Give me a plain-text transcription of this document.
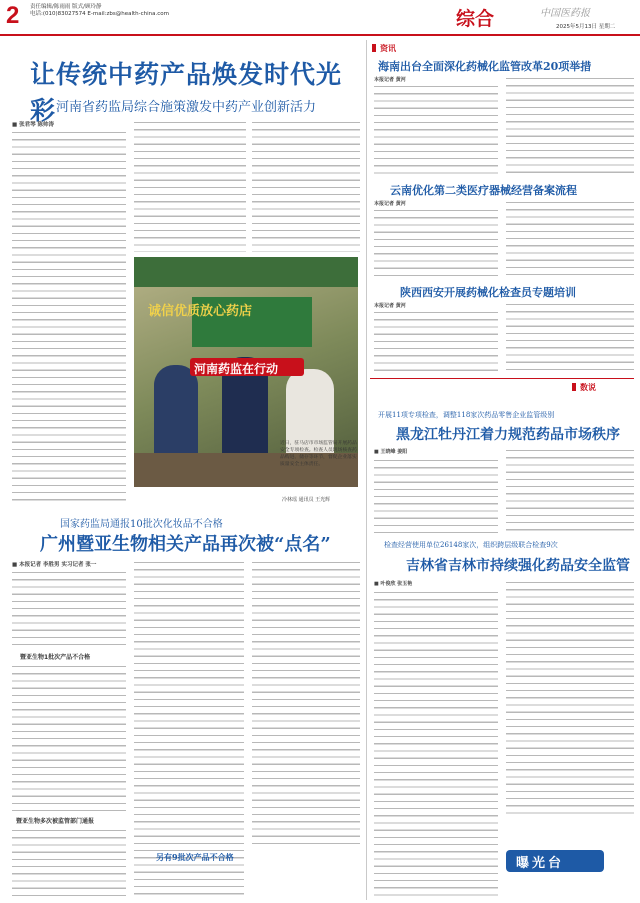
2 责任编辑/陈雨雨 版式/顾玲静
电话:(010)83027574 E-mail:zbs@health-china.com	综合	中国医药报
2025年5月13日 星期二
让传统中药产品焕发时代光彩 河南省药监局综合施策激发中药产业创新活力
■ 张君琴 陈帅涛
诚信优质放心药店
河南药监在行动
近日，驻马店市市场监管局开展药品安全专项检查。检查人员现场核查药品购进、储存等环节，督促企业落实质量安全主体责任。
冷林瑶 通讯员 王光辉
国家药监局通报10批次化妆品不合格
广州暨亚生物相关产品再次被“点名”
■ 本报记者 李胜男 实习记者 张一
暨亚生物1批次产品不合格
暨亚生物多次被监管部门通报
资讯
海南出台全面深化药械化监管改革20项举措
本报记者 黄河
云南优化第二类医疗器械经营备案流程
本报记者 黄河
陕西西安开展药械化检查员专题培训
本报记者 黄河
数说
开展11项专项检查，调整118家次药品零售企业监管级别
黑龙江牡丹江着力规范药品市场秩序
■ 王晓峰 姜阳
检查经营使用单位26148家次，组织跨层级联合检查9次
吉林省吉林市持续强化药品安全监管
■ 叶俊欣 张玉艳
曝光台
另有9批次产品不合格
